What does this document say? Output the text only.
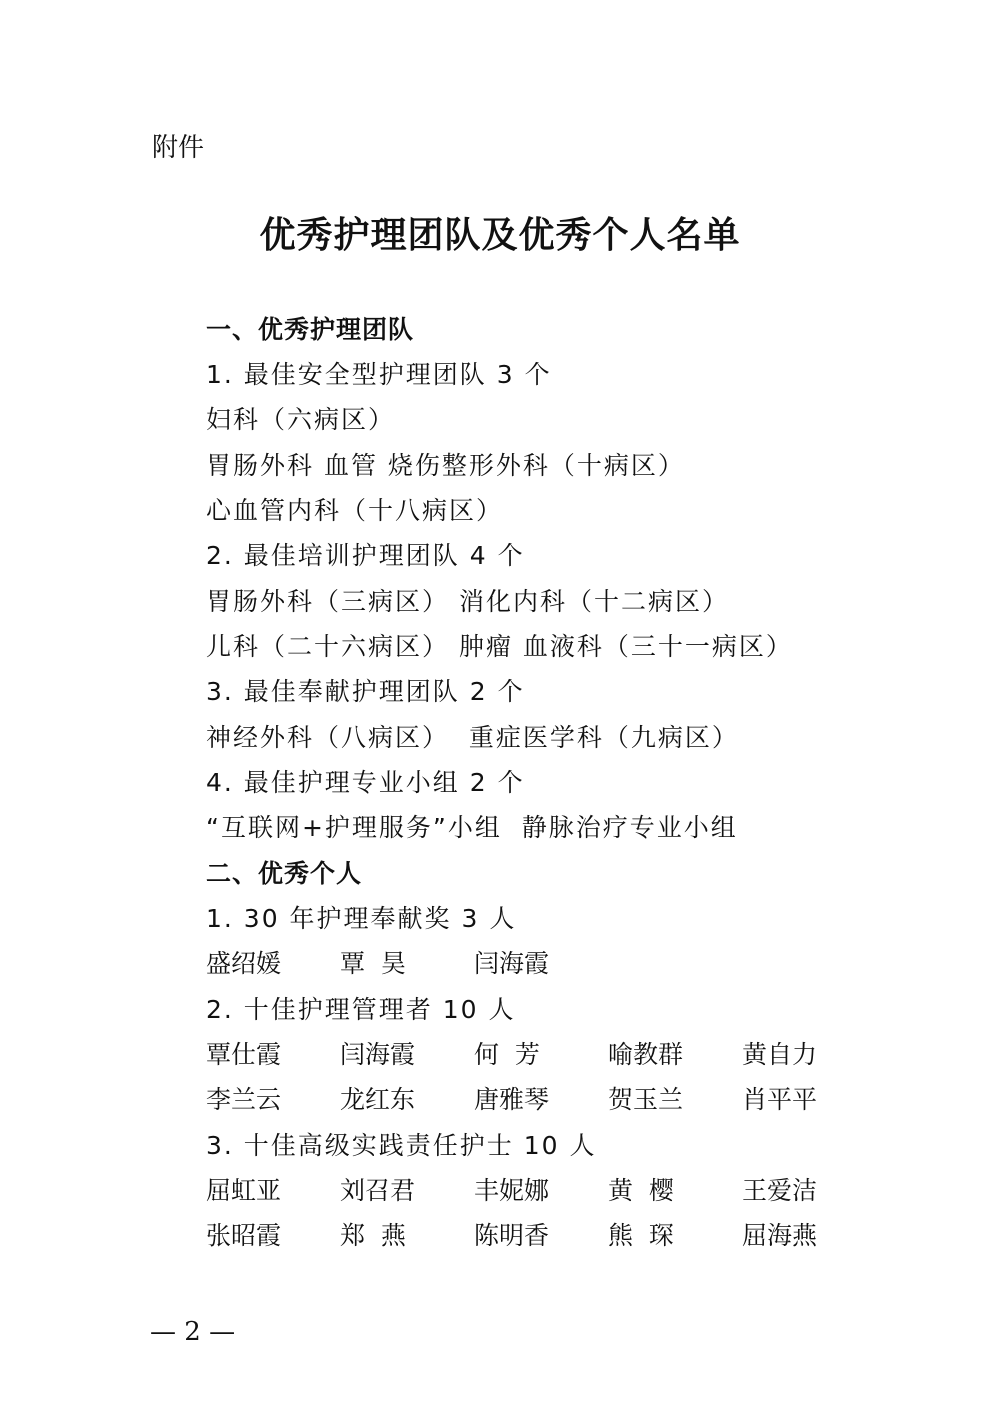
附件
优秀护理团队及优秀个人名单
一、优秀护理团队
1. 最佳安全型护理团队 3 个
妇科（六病区）
胃肠外科 血管 烧伤整形外科（十病区）
心血管内科（十八病区）
2. 最佳培训护理团队 4 个
胃肠外科（三病区） 消化内科（十二病区）
儿科（二十六病区） 肿瘤 血液科（三十一病区）
3. 最佳奉献护理团队 2 个
神经外科（八病区）  重症医学科（九病区）
4. 最佳护理专业小组 2 个
“互联网+护理服务”小组  静脉治疗专业小组
二、优秀个人
1. 30 年护理奉献奖 3 人
盛绍媛 覃  昊	闫海霞
2. 十佳护理管理者 10 人
覃仕霞 闫海霞 何  芳	喻教群 黄自力
李兰云 龙红东 唐雅琴 贺玉兰 肖平平
3. 十佳高级实践责任护士 10 人
屈虹亚 刘召君 丰妮娜 黄  樱	王爱洁
张昭霞 郑  燕	陈明香 熊  琛	屈海燕
— 2 —
